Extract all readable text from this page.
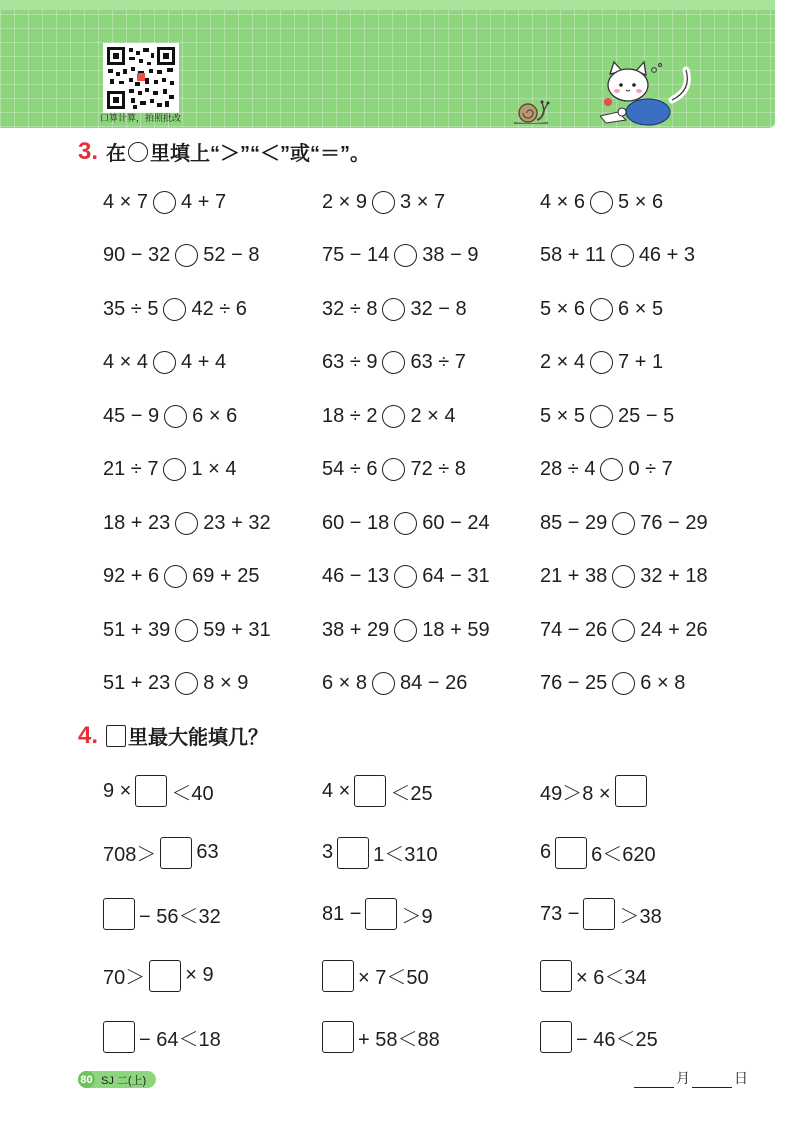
口算计算，拍照批改
3. 在 里填上“＞”“＜”或“＝”。
4 × 7 4 + 7	2 × 9 3 × 7	4 × 6 5 × 6
90 − 32 52 − 8	75 − 14 38 − 9	58 + 11 46 + 3
35 ÷ 5 42 ÷ 6	32 ÷ 8 32 − 8	5 × 6 6 × 5
4 × 4 4 + 4	63 ÷ 9 63 ÷ 7	2 × 4 7 + 1
45 − 9 6 × 6	18 ÷ 2 2 × 4	5 × 5 25 − 5
21 ÷ 7 1 × 4	54 ÷ 6 72 ÷ 8	28 ÷ 4 0 ÷ 7
18 + 23 23 + 32	60 − 18 60 − 24	85 − 29 76 − 29
92 + 6 69 + 25	46 − 13 64 − 31	21 + 38 32 + 18
51 + 39 59 + 31	38 + 29 18 + 59	74 − 26 24 + 26
51 + 23 8 × 9	6 × 8 84 − 26	76 − 25 6 × 8
4. 里最大能填几？
9 × ＜40	4 × ＜25	49＞8 ×
708＞ 63	3 1＜310	6 6＜620
− 56＜32	81 − ＞9	73 − ＞38
70＞ × 9	× 7＜50	× 6＜34
− 64＜18	+ 58＜88	− 46＜25
80 SJ 二(上)	月	日
